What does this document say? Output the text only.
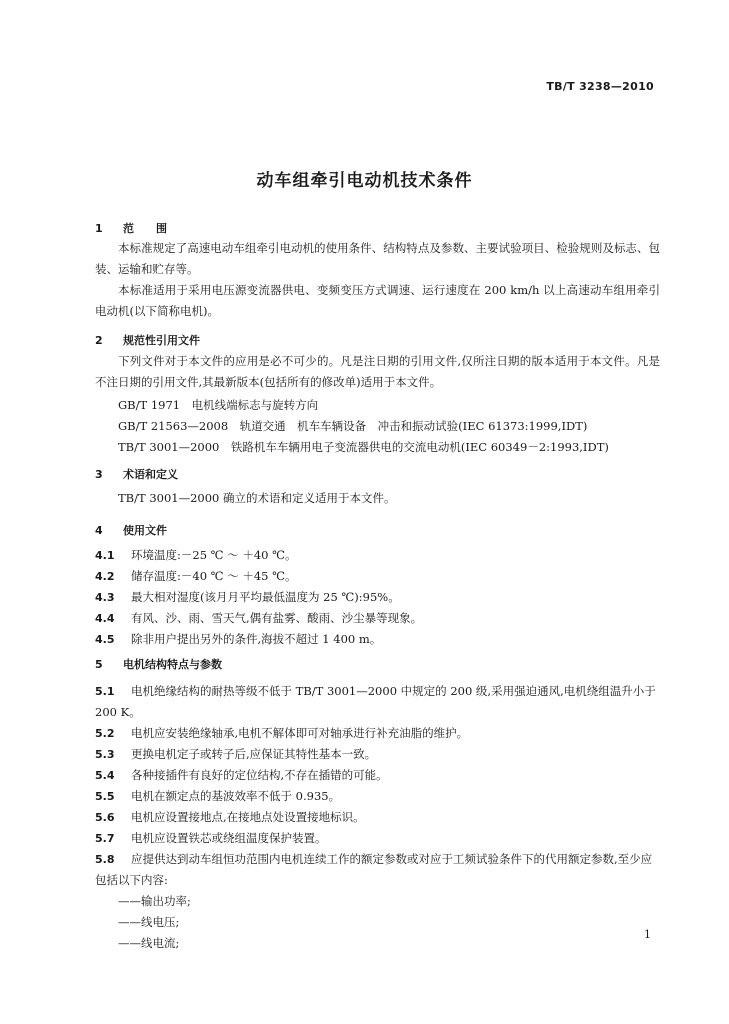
TB/T 3238—2010
动车组牵引电动机技术条件
1 范　　围
本标准规定了高速电动车组牵引电动机的使用条件、结构特点及参数、主要试验项目、检验规则及标志、包装、运输和贮存等。
本标准适用于采用电压源变流器供电、变频变压方式调速、运行速度在 200 km/h 以上高速动车组用牵引电动机(以下简称电机)。
2 规范性引用文件
下列文件对于本文件的应用是必不可少的。凡是注日期的引用文件,仅所注日期的版本适用于本文件。凡是不注日期的引用文件,其最新版本(包括所有的修改单)适用于本文件。
GB/T 1971　电机线端标志与旋转方向
GB/T 21563—2008　轨道交通　机车车辆设备　冲击和振动试验(IEC 61373:1999,IDT)
TB/T 3001—2000　铁路机车车辆用电子变流器供电的交流电动机(IEC 60349－2:1993,IDT)
3 术语和定义
TB/T 3001—2000 确立的术语和定义适用于本文件。
4 使用文件
4.1 环境温度:－25 ℃ ～ ＋40 ℃。
4.2 储存温度:－40 ℃ ～ ＋45 ℃。
4.3 最大相对湿度(该月月平均最低温度为 25 ℃):95%。
4.4 有风、沙、雨、雪天气,偶有盐雾、酸雨、沙尘暴等现象。
4.5 除非用户提出另外的条件,海拔不超过 1 400 m。
5 电机结构特点与参数
5.1 电机绝缘结构的耐热等级不低于 TB/T 3001—2000 中规定的 200 级,采用强迫通风,电机绕组温升小于 200 K。
5.2 电机应安装绝缘轴承,电机不解体即可对轴承进行补充油脂的维护。
5.3 更换电机定子或转子后,应保证其特性基本一致。
5.4 各种接插件有良好的定位结构,不存在插错的可能。
5.5 电机在额定点的基波效率不低于 0.935。
5.6 电机应设置接地点,在接地点处设置接地标识。
5.7 电机应设置铁芯或绕组温度保护装置。
5.8 应提供达到动车组恒功范围内电机连续工作的额定参数或对应于工频试验条件下的代用额定参数,至少应包括以下内容:
——输出功率;
——线电压;
——线电流;
1
